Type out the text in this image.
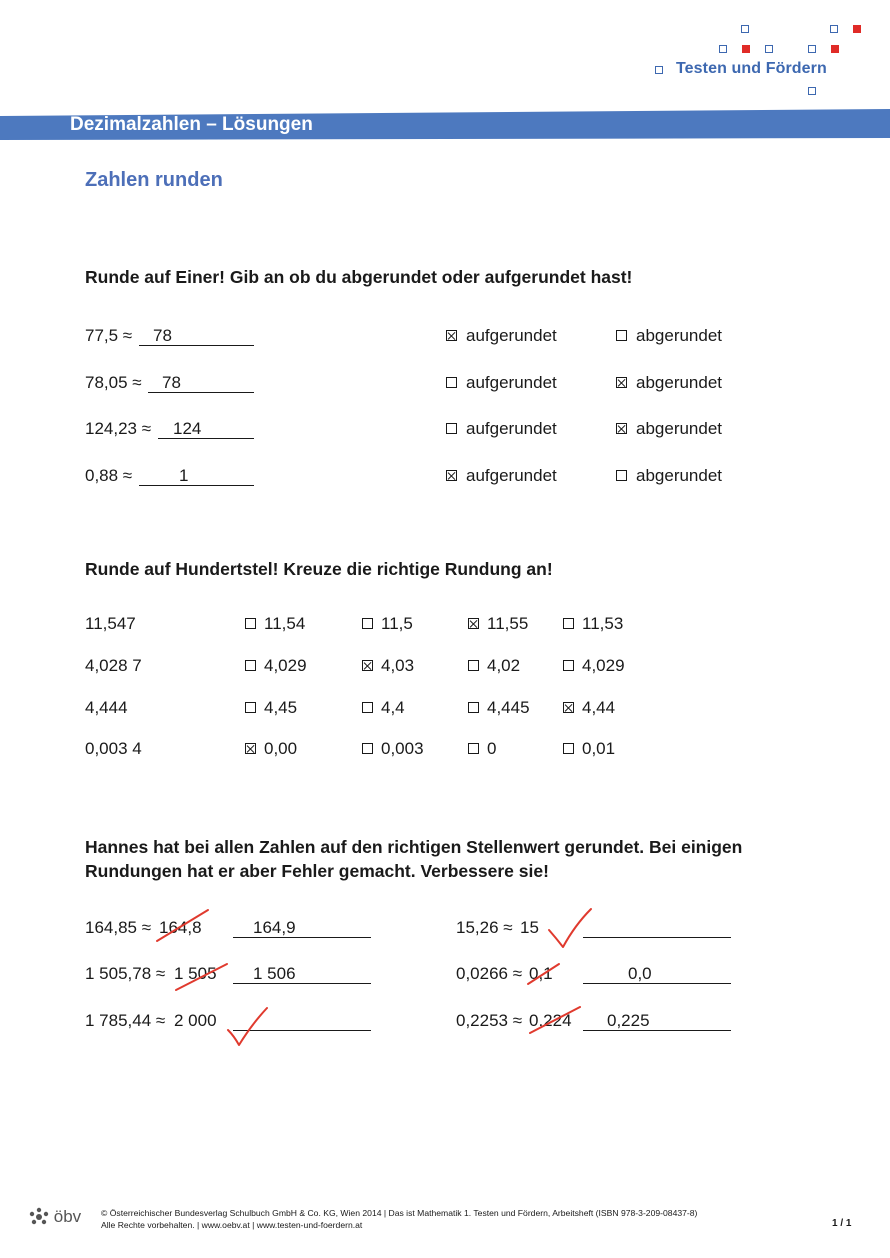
Testen und Fördern
Dezimalzahlen – Lösungen
Zahlen runden
Runde auf Einer! Gib an ob du abgerundet oder aufgerundet hast!
77,5 ≈	78	aufgerundet	abgerundet
78,05 ≈	78	aufgerundet	abgerundet
124,23 ≈	124	aufgerundet	abgerundet
0,88 ≈	1	aufgerundet	abgerundet
Runde auf Hundertstel! Kreuze die richtige Rundung an!
11,547	11,54	11,5	11,55	11,53
4,028 7	4,029	4,03	4,02	4,029
4,444	4,45	4,4	4,445	4,44
0,003 4	0,00	0,003	0	0,01
Hannes hat bei allen Zahlen auf den richtigen Stellenwert gerundet. Bei einigen Rundungen hat er aber Fehler gemacht. Verbessere sie!
164,85 ≈ 164,8	164,9
1 505,78 ≈ 1 505	1 506
1 785,44 ≈ 2 000
15,26 ≈ 15
0,0266 ≈ 0,1	0,0
0,2253 ≈ 0,224	0,225
öbv © Österreichischer Bundesverlag Schulbuch GmbH & Co. KG, Wien 2014 | Das ist Mathematik 1. Testen und Fördern, Arbeitsheft (ISBN 978-3-209-08437-8)
Alle Rechte vorbehalten. | www.oebv.at | www.testen-und-foerdern.at	1 / 1
